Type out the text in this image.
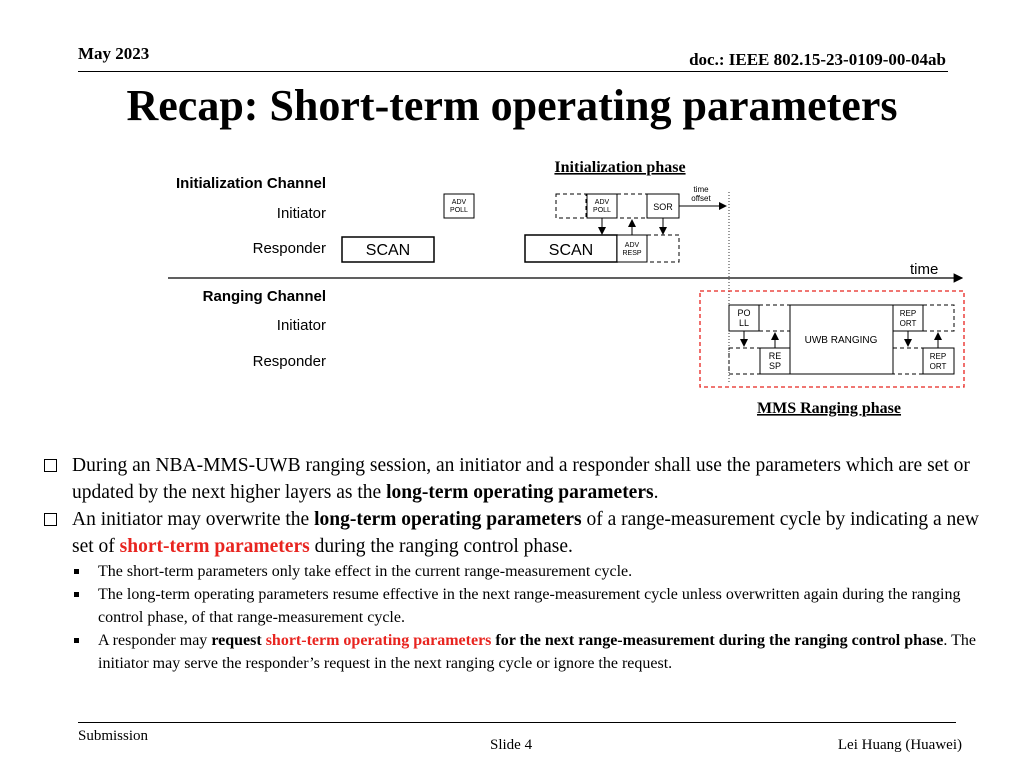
May 2023	doc.: IEEE 802.15-23-0109-00-04ab
Recap: Short-term operating parameters
Initialization phase
MMS Ranging phase
Initialization Channel
Initiator
Responder
Ranging Channel
Initiator
Responder
time
SCAN
ADV
POLL
SCAN	ADV
RESP
ADV
POLL	SOR
time
offset
UWB RANGING
PO
LL
REP
ORT
RE
SP
REP
ORT
During an NBA-MMS-UWB ranging session, an initiator and a responder shall use the parameters which are set or updated by the next higher layers as the long-term operating parameters.
An initiator may overwrite the long-term operating parameters of a range-measurement cycle by indicating a new set of short-term parameters during the ranging control phase.
The short-term parameters only take effect in the current range-measurement cycle.
The long-term operating parameters resume effective in the next range-measurement cycle unless overwritten again during the ranging control phase, of that range-measurement cycle.
A responder may request short-term operating parameters for the next range-measurement during the ranging control phase. The initiator may serve the responder’s request in the next ranging cycle or ignore the request.
Submission
Slide 4	Lei Huang (Huawei)
